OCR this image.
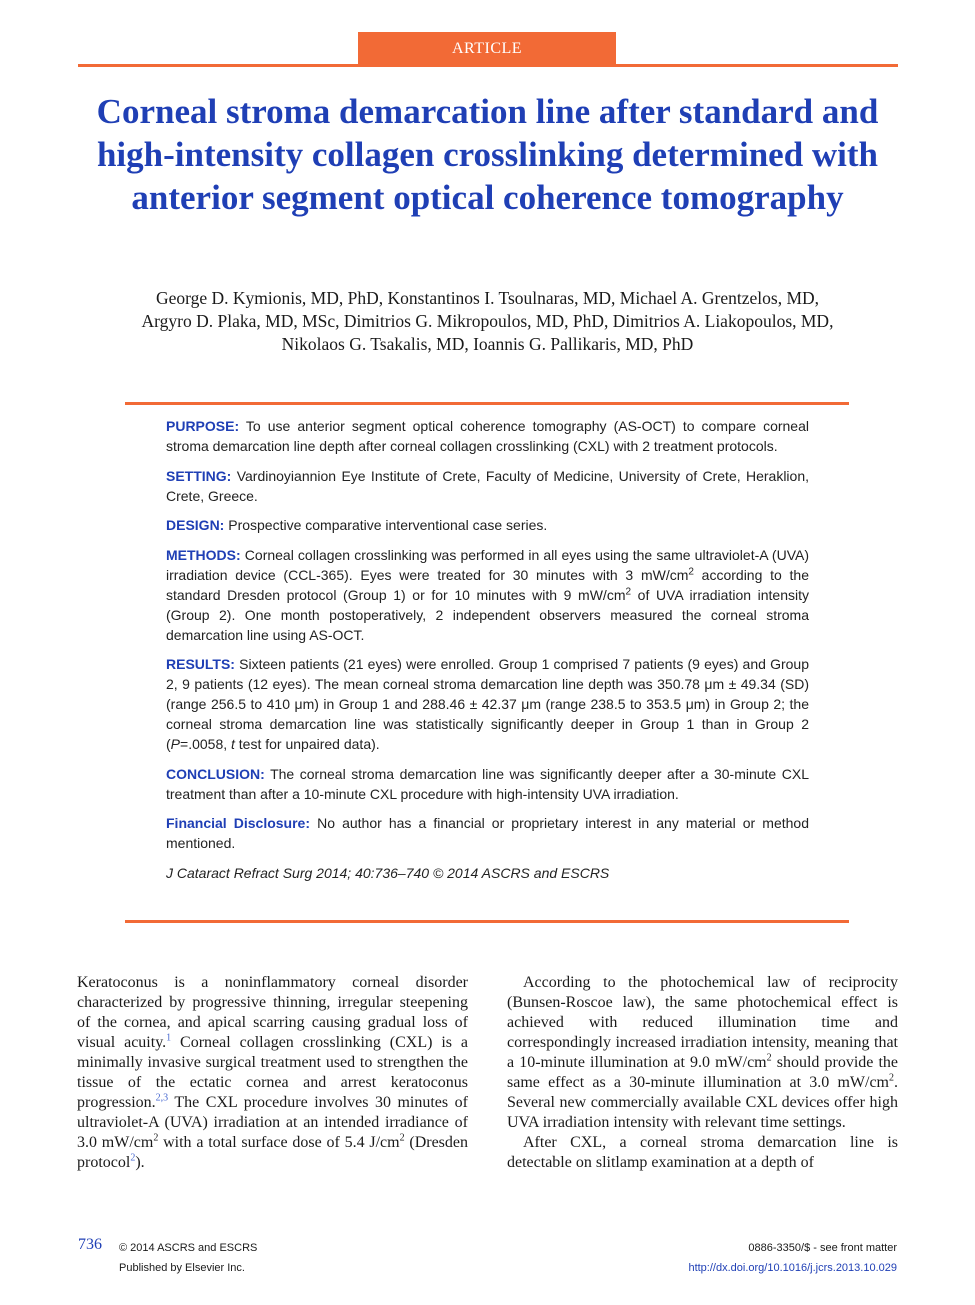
ARTICLE
Corneal stroma demarcation line after standard and high-intensity collagen crosslinking determined with anterior segment optical coherence tomography
George D. Kymionis, MD, PhD, Konstantinos I. Tsoulnaras, MD, Michael A. Grentzelos, MD,
Argyro D. Plaka, MD, MSc, Dimitrios G. Mikropoulos, MD, PhD, Dimitrios A. Liakopoulos, MD,
Nikolaos G. Tsakalis, MD, Ioannis G. Pallikaris, MD, PhD

PURPOSE: To use anterior segment optical coherence tomography (AS-OCT) to compare corneal stroma demarcation line depth after corneal collagen crosslinking (CXL) with 2 treatment protocols.

SETTING: Vardinoyiannion Eye Institute of Crete, Faculty of Medicine, University of Crete, Heraklion, Crete, Greece.

DESIGN: Prospective comparative interventional case series.

METHODS: Corneal collagen crosslinking was performed in all eyes using the same ultraviolet-A (UVA) irradiation device (CCL-365). Eyes were treated for 30 minutes with 3 $mW/cm^2$ according to the standard Dresden protocol (Group 1) or for 10 minutes with 9 $mW/cm^2$ of UVA irradiation intensity (Group 2). One month postoperatively, 2 independent observers measured the corneal stroma demarcation line using AS-OCT.

RESULTS: Sixteen patients (21 eyes) were enrolled. Group 1 comprised 7 patients (9 eyes) and Group 2, 9 patients (12 eyes). The mean corneal stroma demarcation line depth was 350.78 μm ± 49.34 (SD) (range 256.5 to 410 μm) in Group 1 and 288.46 ± 42.37 μm (range 238.5 to 353.5 μm) in Group 2; the corneal stroma demarcation line was statistically significantly deeper in Group 1 than in Group 2 (P=.0058, t test for unpaired data).

CONCLUSION: The corneal stroma demarcation line was significantly deeper after a 30-minute CXL treatment than after a 10-minute CXL procedure with high-intensity UVA irradiation.

Financial Disclosure: No author has a financial or proprietary interest in any material or method mentioned.

J Cataract Refract Surg 2014; 40:736–740 © 2014 ASCRS and ESCRS

Keratoconus is a noninflammatory corneal disorder characterized by progressive thinning, irregular steepening of the cornea, and apical scarring causing gradual loss of visual acuity.$^1$ Corneal collagen crosslinking (CXL) is a minimally invasive surgical treatment used to strengthen the tissue of the ectatic cornea and arrest keratoconus progression.$^{2,3}$ The CXL procedure involves 30 minutes of ultraviolet-A (UVA) irradiation at an intended irradiance of 3.0 $mW/cm^2$ with a total surface dose of 5.4 $J/cm^2$ (Dresden protocol$^2$).

According to the photochemical law of reciprocity (Bunsen-Roscoe law), the same photochemical effect is achieved with reduced illumination time and correspondingly increased irradiation intensity, meaning that a 10-minute illumination at 9.0 $mW/cm^2$ should provide the same effect as a 30-minute illumination at 3.0 $mW/cm^2$. Several new commercially available CXL devices offer high UVA irradiation intensity with relevant time settings.

After CXL, a corneal stroma demarcation line is detectable on slitlamp examination at a depth of

736 © 2014 ASCRS and ESCRS
Published by Elsevier Inc.
0886-3350/$ - see front matter
http://dx.doi.org/10.1016/j.jcrs.2013.10.029
